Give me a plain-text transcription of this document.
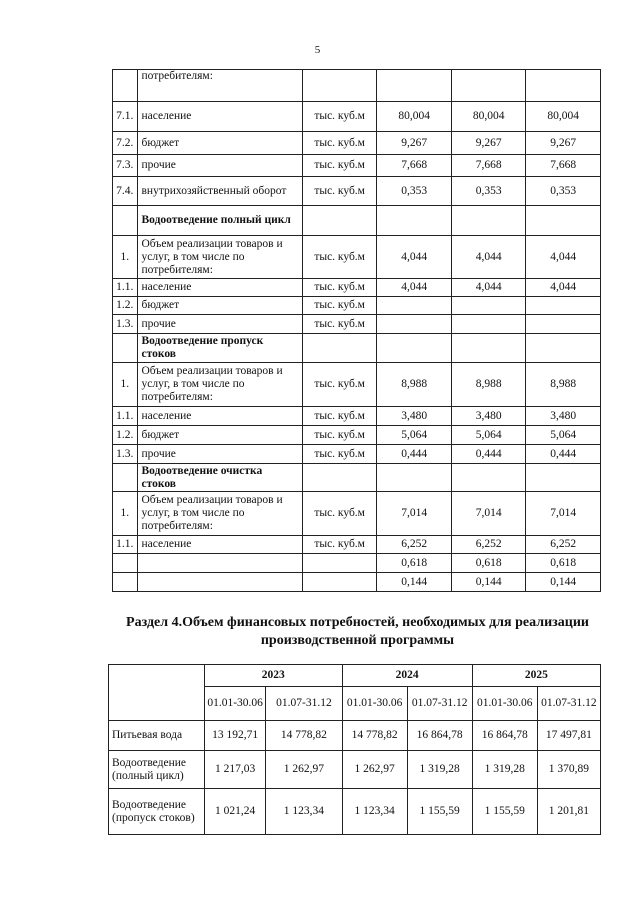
5
	потребителям:				
7.1.	население	тыс. куб.м	80,004	80,004	80,004
7.2.	бюджет	тыс. куб.м	9,267	9,267	9,267
7.3.	прочие	тыс. куб.м	7,668	7,668	7,668
7.4.	внутрихозяйственный оборот	тыс. куб.м	0,353	0,353	0,353
	Водоотведение полный цикл				
1.	Объем реализации товаров и услуг, в том числе по потребителям:	тыс. куб.м	4,044	4,044	4,044
1.1.	население	тыс. куб.м	4,044	4,044	4,044
1.2.	бюджет	тыс. куб.м			
1.3.	прочие	тыс. куб.м			
	Водоотведение пропуск стоков				
1.	Объем реализации товаров и услуг, в том числе по потребителям:	тыс. куб.м	8,988	8,988	8,988
1.1.	население	тыс. куб.м	3,480	3,480	3,480
1.2.	бюджет	тыс. куб.м	5,064	5,064	5,064
1.3.	прочие	тыс. куб.м	0,444	0,444	0,444
	Водоотведение очистка стоков				
1.	Объем реализации товаров и услуг, в том числе по потребителям:	тыс. куб.м	7,014	7,014	7,014
1.1.	население	тыс. куб.м	6,252	6,252	6,252
			0,618	0,618	0,618
			0,144	0,144	0,144
Раздел 4.Объем финансовых потребностей, необходимых для реализации производственной программы
	2023		2024		2025	
	01.01-30.06	01.07-31.12	01.01-30.06	01.07-31.12	01.01-30.06	01.07-31.12
Питьевая вода	13 192,71	14 778,82	14 778,82	16 864,78	16 864,78	17 497,81
Водоотведение (полный цикл)	1 217,03	1 262,97	1 262,97	1 319,28	1 319,28	1 370,89
Водоотведение (пропуск стоков)	1 021,24	1 123,34	1 123,34	1 155,59	1 155,59	1 201,81
